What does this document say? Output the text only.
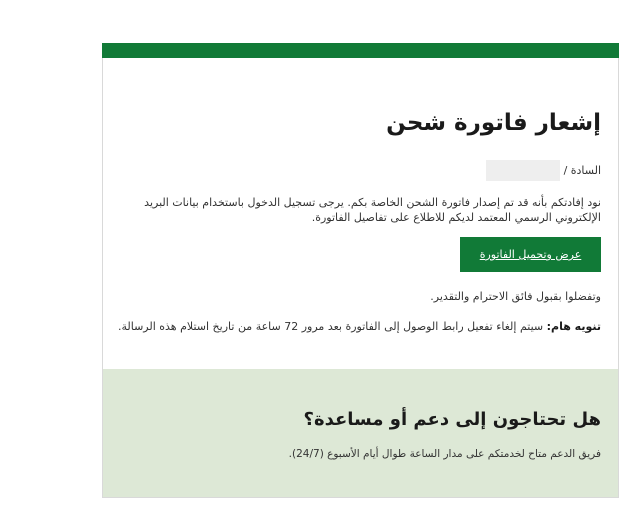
إشعار فاتورة شحن
السادة /

نود إفادتكم بأنه قد تم إصدار فاتورة الشحن الخاصة بكم. يرجى تسجيل الدخول باستخدام بيانات البريد الإلكتروني الرسمي المعتمد لديكم للاطلاع على تفاصيل الفاتورة.

عرض وتحميل الفاتورة

وتفضلوا بقبول فائق الاحترام والتقدير.

تنويه هام: سيتم إلغاء تفعيل رابط الوصول إلى الفاتورة بعد مرور 72 ساعة من تاريخ استلام هذه الرسالة.

هل تحتاجون إلى دعم أو مساعدة؟

فريق الدعم متاح لخدمتكم على مدار الساعة طوال أيام الأسبوع (24/7).
